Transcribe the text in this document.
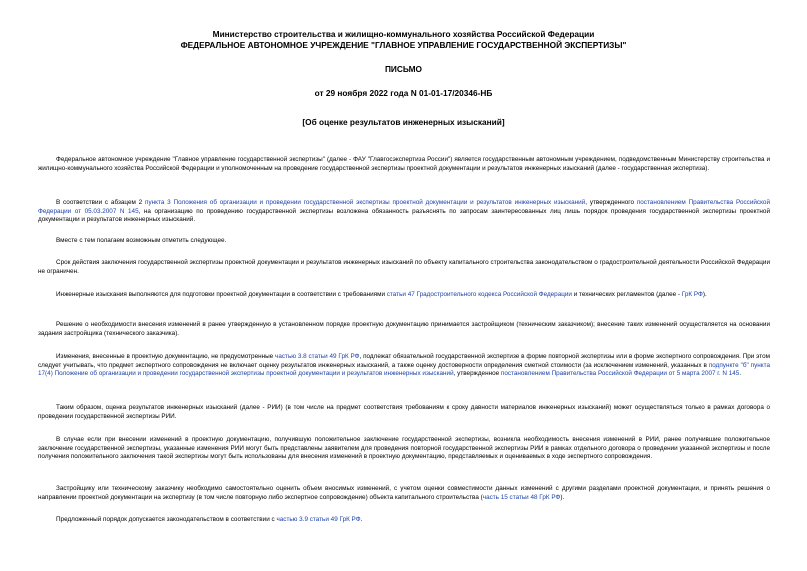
Министерство строительства и жилищно-коммунального хозяйства Российской Федерации
ФЕДЕРАЛЬНОЕ АВТОНОМНОЕ УЧРЕЖДЕНИЕ "ГЛАВНОЕ УПРАВЛЕНИЕ ГОСУДАРСТВЕННОЙ ЭКСПЕРТИЗЫ"
ПИСЬМО
от 29 ноября 2022 года N 01-01-17/20346-НБ
[Об оценке результатов инженерных изысканий]

Федеральное автономное учреждение "Главное управление государственной экспертизы" (далее - ФАУ "Главгосэкспертиза России") является государственным автономным учреждением, подведомственным Министерству строительства и жилищно-коммунального хозяйства Российской Федерации и уполномоченным на проведение государственной экспертизы проектной документации и результатов инженерных изысканий (далее - государственная экспертиза).

В соответствии с абзацем 2 пункта 3 Положения об организации и проведении государственной экспертизы проектной документации и результатов инженерных изысканий, утвержденного постановлением Правительства Российской Федерации от 05.03.2007 N 145, на организацию по проведению государственной экспертизы возложена обязанность разъяснять по запросам заинтересованных лиц лишь порядок проведения государственной экспертизы проектной документации и результатов инженерных изысканий.

Вместе с тем полагаем возможным отметить следующее.

Срок действия заключения государственной экспертизы проектной документации и результатов инженерных изысканий по объекту капитального строительства законодательством о градостроительной деятельности Российской Федерации не ограничен.

Инженерные изыскания выполняются для подготовки проектной документации в соответствии с требованиями статьи 47 Градостроительного кодекса Российской Федерации и технических регламентов (далее - ГрК РФ).

Решение о необходимости внесения изменений в ранее утвержденную в установленном порядке проектную документацию принимается застройщиком (техническим заказчиком); внесение таких изменений осуществляется на основании задания застройщика (технического заказчика).

Изменения, внесенные в проектную документацию, не предусмотренные частью 3.8 статьи 49 ГрК РФ, подлежат обязательной государственной экспертизе в форме повторной экспертизы или в форме экспертного сопровождения. При этом следует учитывать, что предмет экспертного сопровождения не включает оценку результатов инженерных изысканий, а также оценку достоверности определения сметной стоимости (за исключением изменений, указанных в подпункте "б" пункта 17(4) Положение об организации и проведении государственной экспертизы проектной документации и результатов инженерных изысканий, утвержденное постановлением Правительства Российской Федерации от 5 марта 2007 г. N 145.

Таким образом, оценка результатов инженерных изысканий (далее - РИИ) (в том числе на предмет соответствия требованиям к сроку давности материалов инженерных изысканий) может осуществляться только в рамках договора о проведении государственной экспертизы РИИ.

В случае если при внесении изменений в проектную документацию, получившую положительное заключение государственной экспертизы, возникла необходимость внесения изменений в РИИ, ранее получившие положительное заключение государственной экспертизы, указанные изменения РИИ могут быть представлены заявителем для проведения повторной государственной экспертизы РИИ в рамках отдельного договора о проведении указанной экспертизы и после получения положительного заключения такой экспертизы могут быть использованы для внесения изменений в проектную документацию, представляемых и оцениваемых в ходе экспертного сопровождения.

Застройщику или техническому заказчику необходимо самостоятельно оценить объем вносимых изменений, с учетом оценки совместимости данных изменений с другими разделами проектной документации, и принять решения о направлении проектной документации на экспертизу (в том числе повторную либо экспертное сопровождение) объекта капитального строительства (часть 15 статьи 48 ГрК РФ).

Предложенный порядок допускается законодательством в соответствии с частью 3.9 статьи 49 ГрК РФ.
